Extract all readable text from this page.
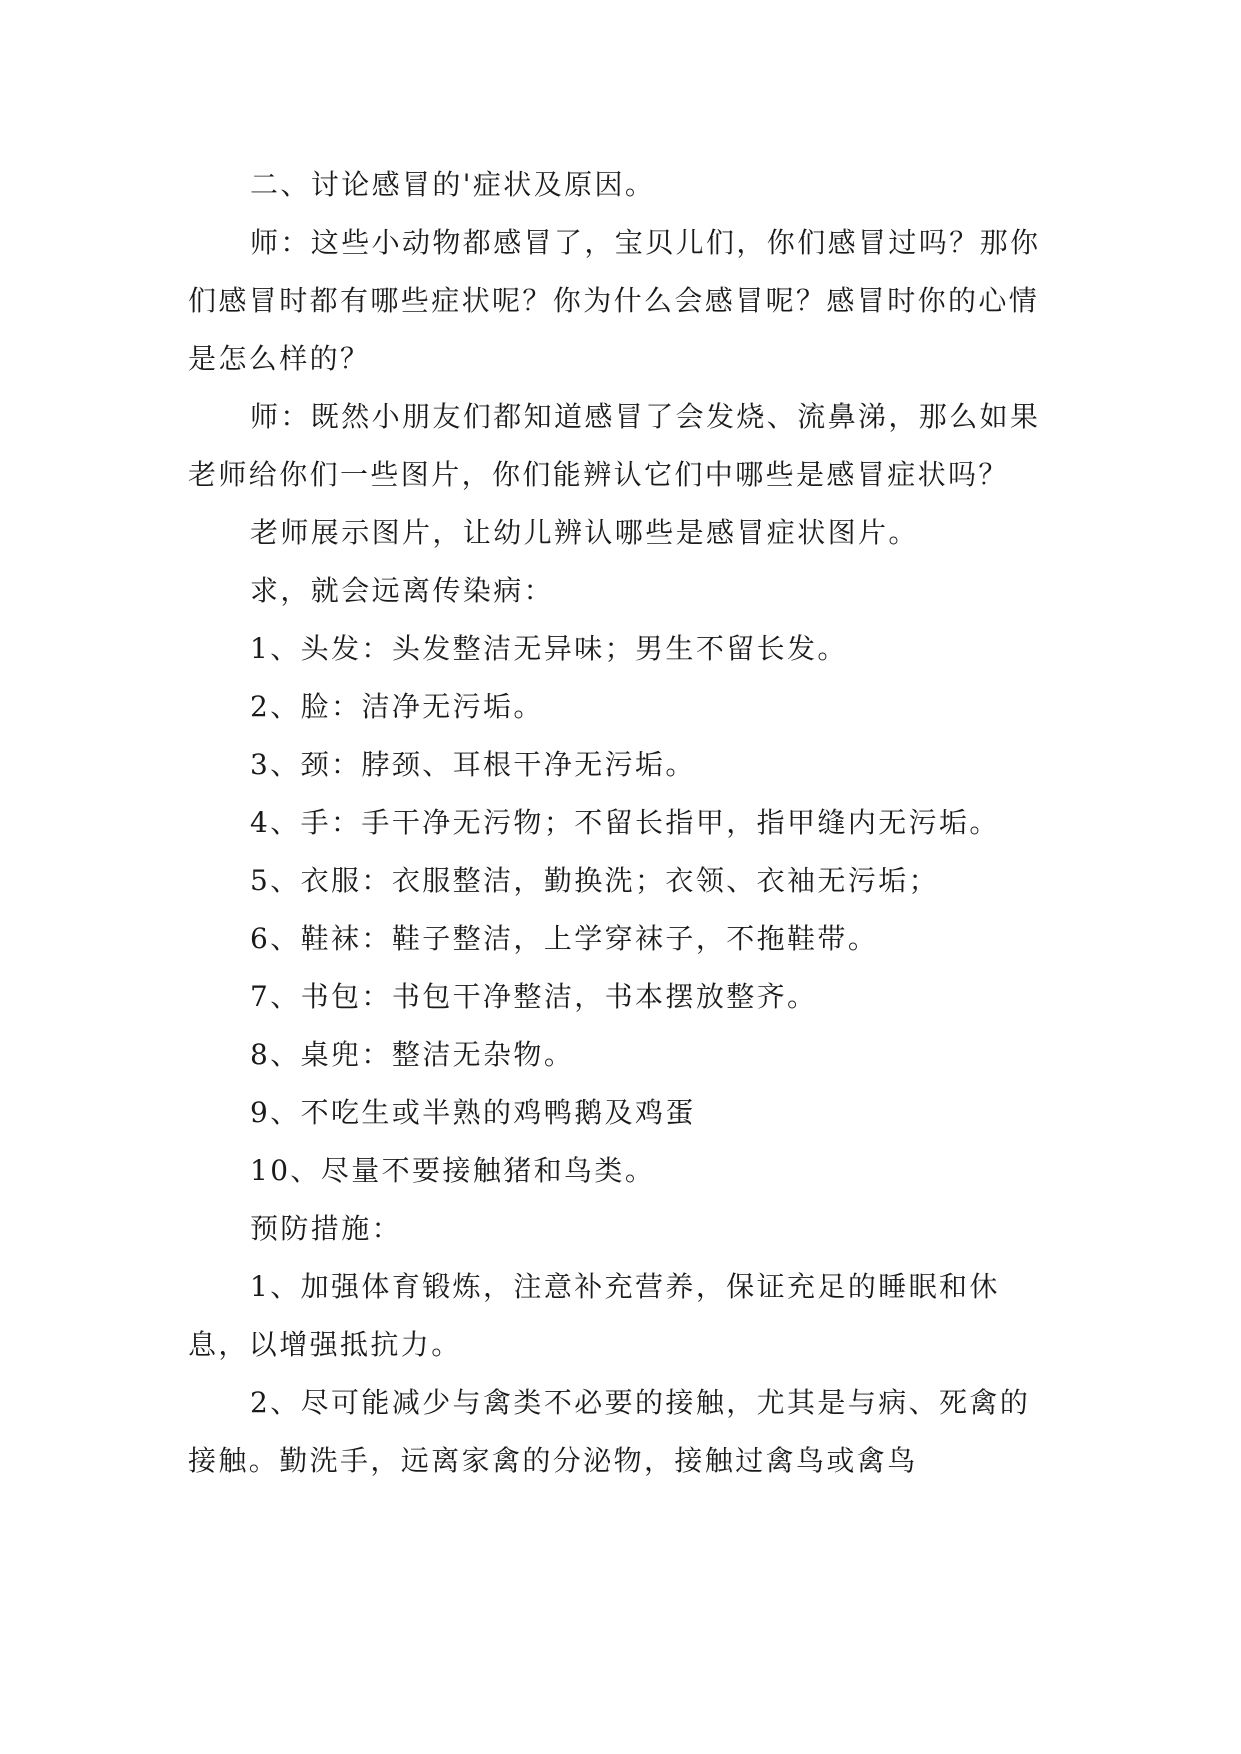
二、讨论感冒的'症状及原因。

师：这些小动物都感冒了，宝贝儿们，你们感冒过吗？那你们感冒时都有哪些症状呢？你为什么会感冒呢？感冒时你的心情是怎么样的？

师：既然小朋友们都知道感冒了会发烧、流鼻涕，那么如果老师给你们一些图片，你们能辨认它们中哪些是感冒症状吗？

老师展示图片，让幼儿辨认哪些是感冒症状图片。

求，就会远离传染病：

1、头发：头发整洁无异味；男生不留长发。

2、脸：洁净无污垢。

3、颈：脖颈、耳根干净无污垢。

4、手：手干净无污物；不留长指甲，指甲缝内无污垢。

5、衣服：衣服整洁，勤换洗；衣领、衣袖无污垢；

6、鞋袜：鞋子整洁，上学穿袜子，不拖鞋带。

7、书包：书包干净整洁，书本摆放整齐。

8、桌兜：整洁无杂物。

9、不吃生或半熟的鸡鸭鹅及鸡蛋

10、尽量不要接触猪和鸟类。

预防措施：

1、加强体育锻炼，注意补充营养，保证充足的睡眠和休息，以增强抵抗力。

2、尽可能减少与禽类不必要的接触，尤其是与病、死禽的接触。勤洗手，远离家禽的分泌物，接触过禽鸟或禽鸟
